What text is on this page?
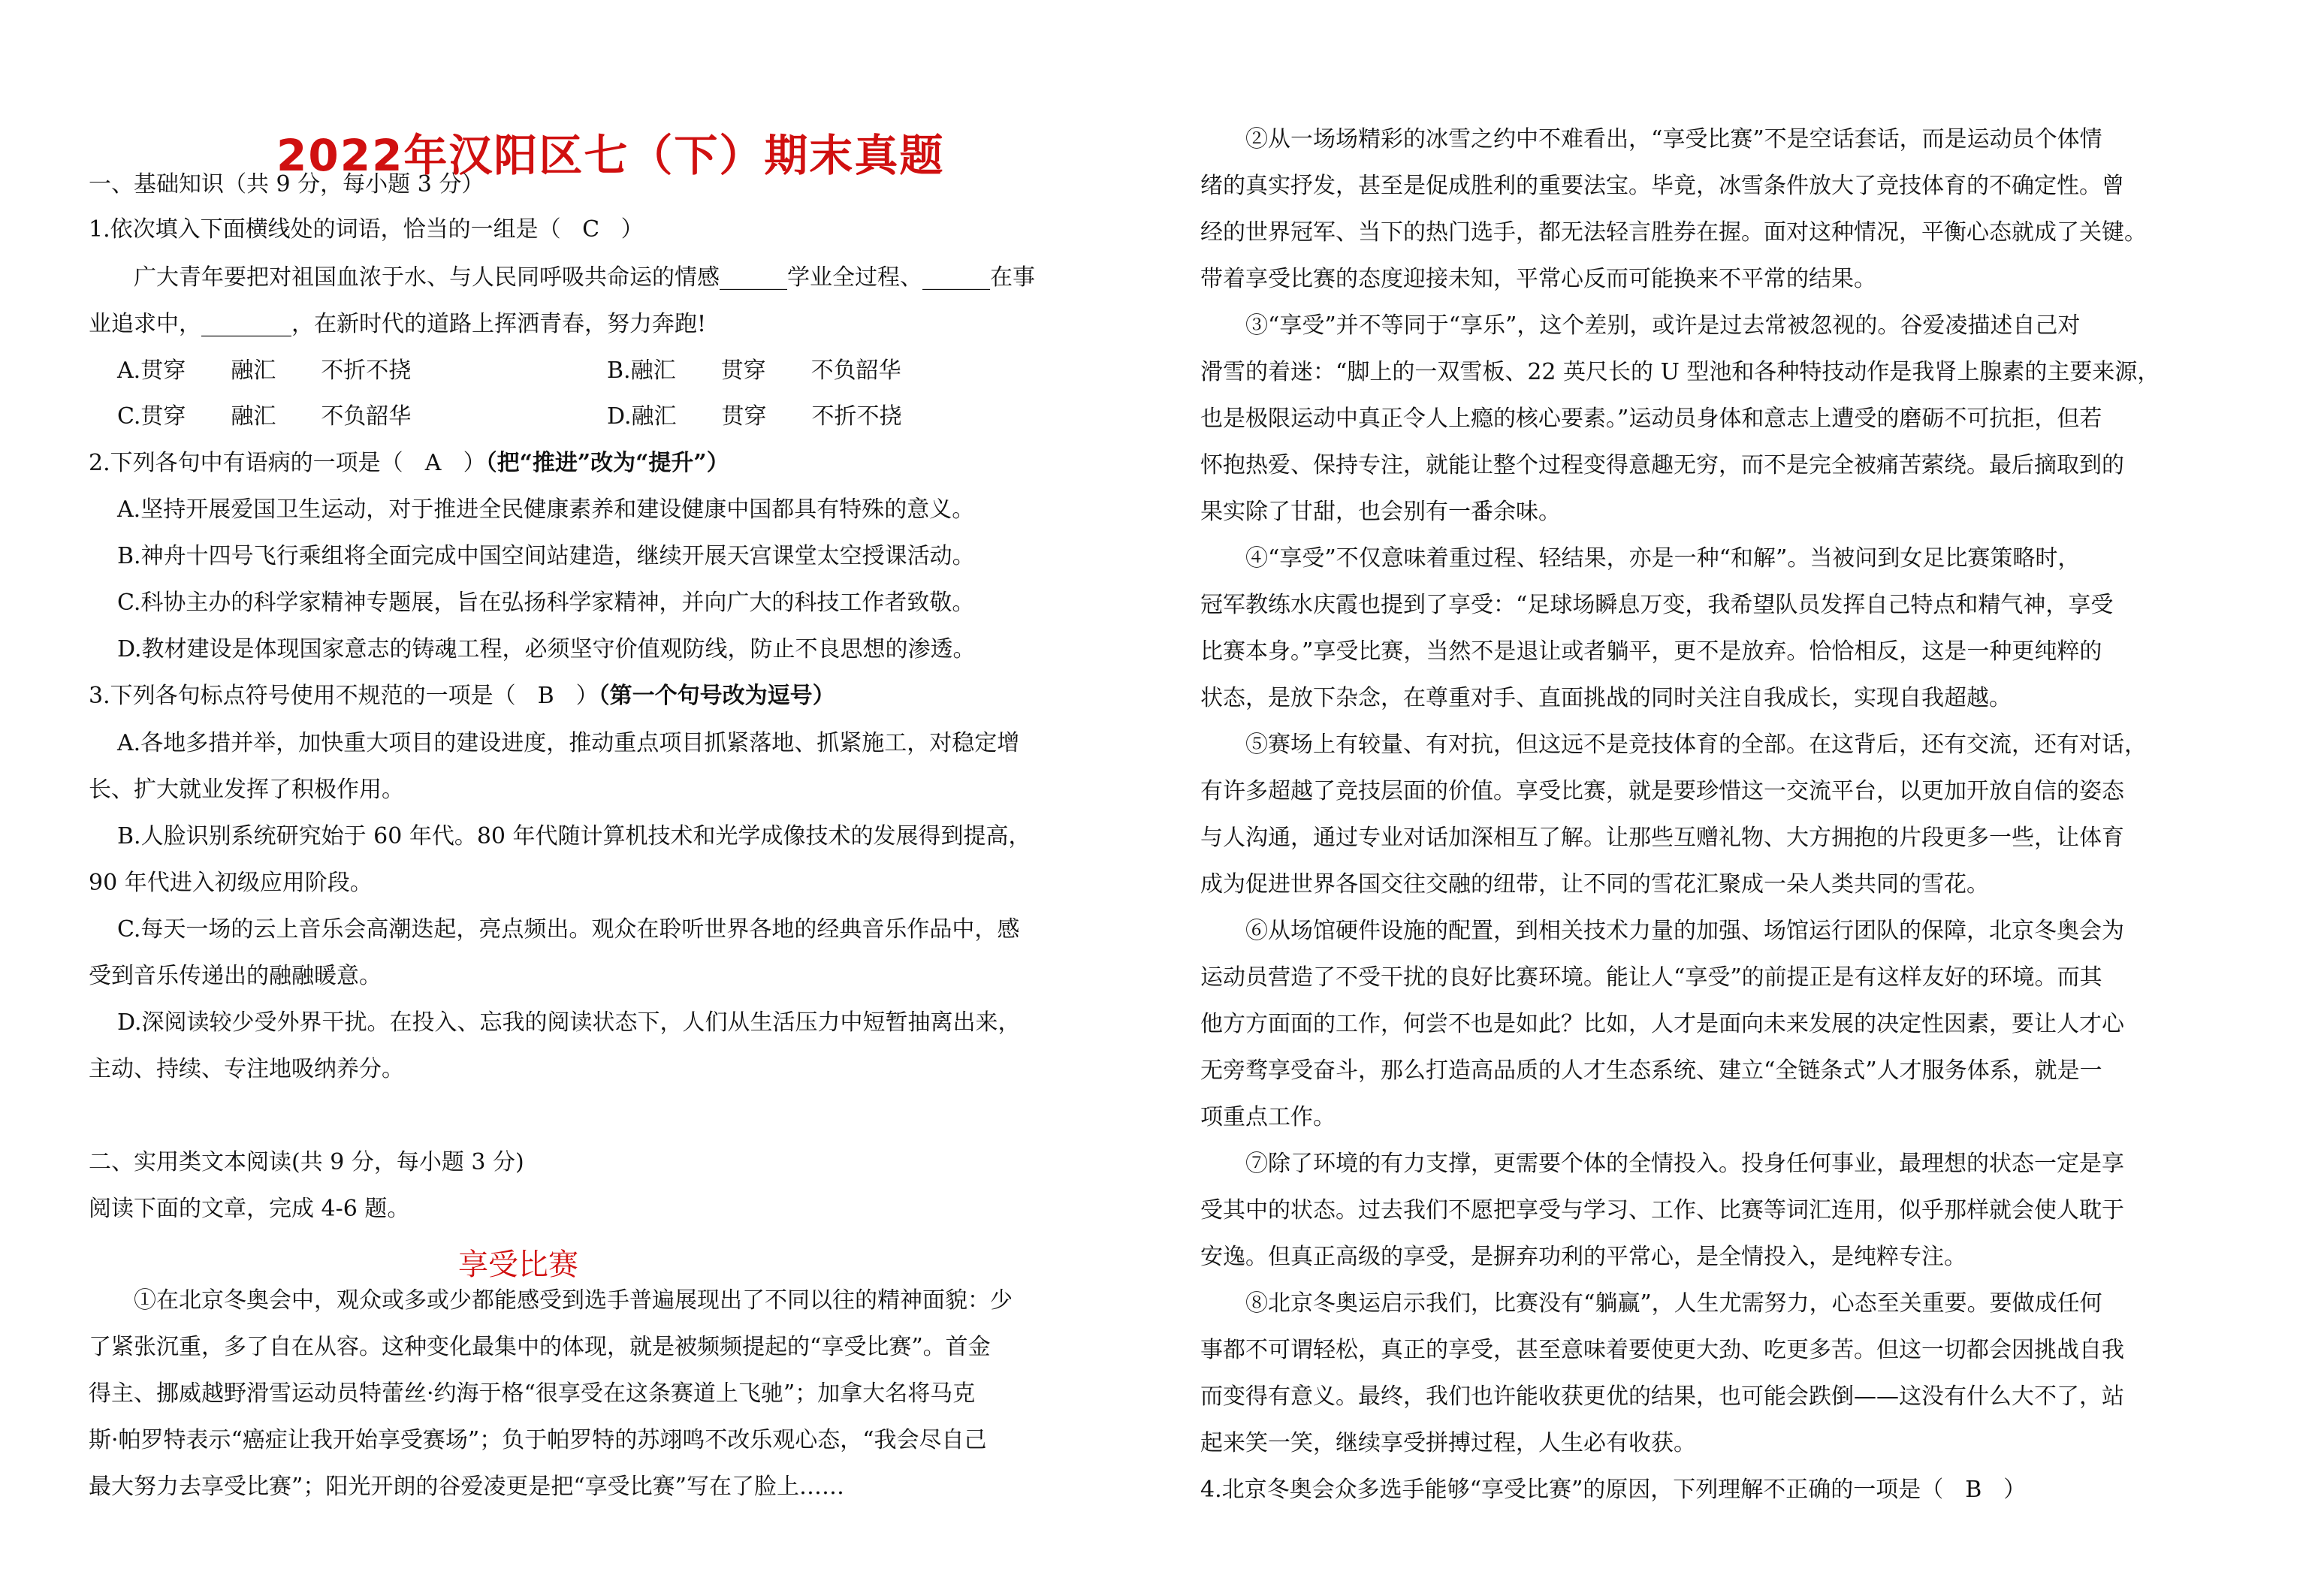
2022年汉阳区七（下）期末真题
一、基础知识（共 9 分，每小题 3 分）
1.依次填入下面横线处的词语，恰当的一组是（ C ）
广大青年要把对祖国血浓于水、与人民同呼吸共命运的情感______学业全过程、______在事
业追求中，________，在新时代的道路上挥洒青春，努力奔跑!
A.贯穿　　融汇　　不折不挠	B.融汇　　贯穿　　不负韶华
C.贯穿　　融汇　　不负韶华	D.融汇　　贯穿　　不折不挠
2.下列各句中有语病的一项是（ A ）（把“推进”改为“提升”）
A.坚持开展爱国卫生运动，对于推进全民健康素养和建设健康中国都具有特殊的意义。
B.神舟十四号飞行乘组将全面完成中国空间站建造，继续开展天宫课堂太空授课活动。
C.科协主办的科学家精神专题展，旨在弘扬科学家精神，并向广大的科技工作者致敬。
D.教材建设是体现国家意志的铸魂工程，必须坚守价值观防线，防止不良思想的渗透。
3.下列各句标点符号使用不规范的一项是（ B ）（第一个句号改为逗号）
A.各地多措并举，加快重大项目的建设进度，推动重点项目抓紧落地、抓紧施工，对稳定增
长、扩大就业发挥了积极作用。
B.人脸识别系统研究始于 60 年代。80 年代随计算机技术和光学成像技术的发展得到提高，
90 年代进入初级应用阶段。
C.每天一场的云上音乐会高潮迭起，亮点频出。观众在聆听世界各地的经典音乐作品中，感
受到音乐传递出的融融暖意。
D.深阅读较少受外界干扰。在投入、忘我的阅读状态下，人们从生活压力中短暂抽离出来，
主动、持续、专注地吸纳养分。
二、实用类文本阅读(共 9 分，每小题 3 分)
阅读下面的文章，完成 4-6 题。
享受比赛
①在北京冬奥会中，观众或多或少都能感受到选手普遍展现出了不同以往的精神面貌：少
了紧张沉重，多了自在从容。这种变化最集中的体现，就是被频频提起的“享受比赛”。首金
得主、挪威越野滑雪运动员特蕾丝·约海于格“很享受在这条赛道上飞驰”；加拿大名将马克
斯·帕罗特表示“癌症让我开始享受赛场”；负于帕罗特的苏翊鸣不改乐观心态，“我会尽自己
最大努力去享受比赛”；阳光开朗的谷爱凌更是把“享受比赛”写在了脸上……
②从一场场精彩的冰雪之约中不难看出，“享受比赛”不是空话套话，而是运动员个体情
绪的真实抒发，甚至是促成胜利的重要法宝。毕竟，冰雪条件放大了竞技体育的不确定性。曾
经的世界冠军、当下的热门选手，都无法轻言胜券在握。面对这种情况，平衡心态就成了关键。
带着享受比赛的态度迎接未知，平常心反而可能换来不平常的结果。
③“享受”并不等同于“享乐”，这个差别，或许是过去常被忽视的。谷爱凌描述自己对
滑雪的着迷：“脚上的一双雪板、22 英尺长的 U 型池和各种特技动作是我肾上腺素的主要来源，
也是极限运动中真正令人上瘾的核心要素。”运动员身体和意志上遭受的磨砺不可抗拒，但若
怀抱热爱、保持专注，就能让整个过程变得意趣无穷，而不是完全被痛苦萦绕。最后摘取到的
果实除了甘甜，也会别有一番余味。
④“享受”不仅意味着重过程、轻结果，亦是一种“和解”。当被问到女足比赛策略时，
冠军教练水庆霞也提到了享受：“足球场瞬息万变，我希望队员发挥自己特点和精气神，享受
比赛本身。”享受比赛，当然不是退让或者躺平，更不是放弃。恰恰相反，这是一种更纯粹的
状态，是放下杂念，在尊重对手、直面挑战的同时关注自我成长，实现自我超越。
⑤赛场上有较量、有对抗，但这远不是竞技体育的全部。在这背后，还有交流，还有对话，
有许多超越了竞技层面的价值。享受比赛，就是要珍惜这一交流平台，以更加开放自信的姿态
与人沟通，通过专业对话加深相互了解。让那些互赠礼物、大方拥抱的片段更多一些，让体育
成为促进世界各国交往交融的纽带，让不同的雪花汇聚成一朵人类共同的雪花。
⑥从场馆硬件设施的配置，到相关技术力量的加强、场馆运行团队的保障，北京冬奥会为
运动员营造了不受干扰的良好比赛环境。能让人“享受”的前提正是有这样友好的环境。而其
他方方面面的工作，何尝不也是如此？比如，人才是面向未来发展的决定性因素，要让人才心
无旁骛享受奋斗，那么打造高品质的人才生态系统、建立“全链条式”人才服务体系，就是一
项重点工作。
⑦除了环境的有力支撑，更需要个体的全情投入。投身任何事业，最理想的状态一定是享
受其中的状态。过去我们不愿把享受与学习、工作、比赛等词汇连用，似乎那样就会使人耽于
安逸。但真正高级的享受，是摒弃功利的平常心，是全情投入，是纯粹专注。
⑧北京冬奥运启示我们，比赛没有“躺赢”，人生尤需努力，心态至关重要。要做成任何
事都不可谓轻松，真正的享受，甚至意味着要使更大劲、吃更多苦。但这一切都会因挑战自我
而变得有意义。最终，我们也许能收获更优的结果，也可能会跌倒——这没有什么大不了，站
起来笑一笑，继续享受拼搏过程，人生必有收获。
4.北京冬奥会众多选手能够“享受比赛”的原因，下列理解不正确的一项是（ B ）
